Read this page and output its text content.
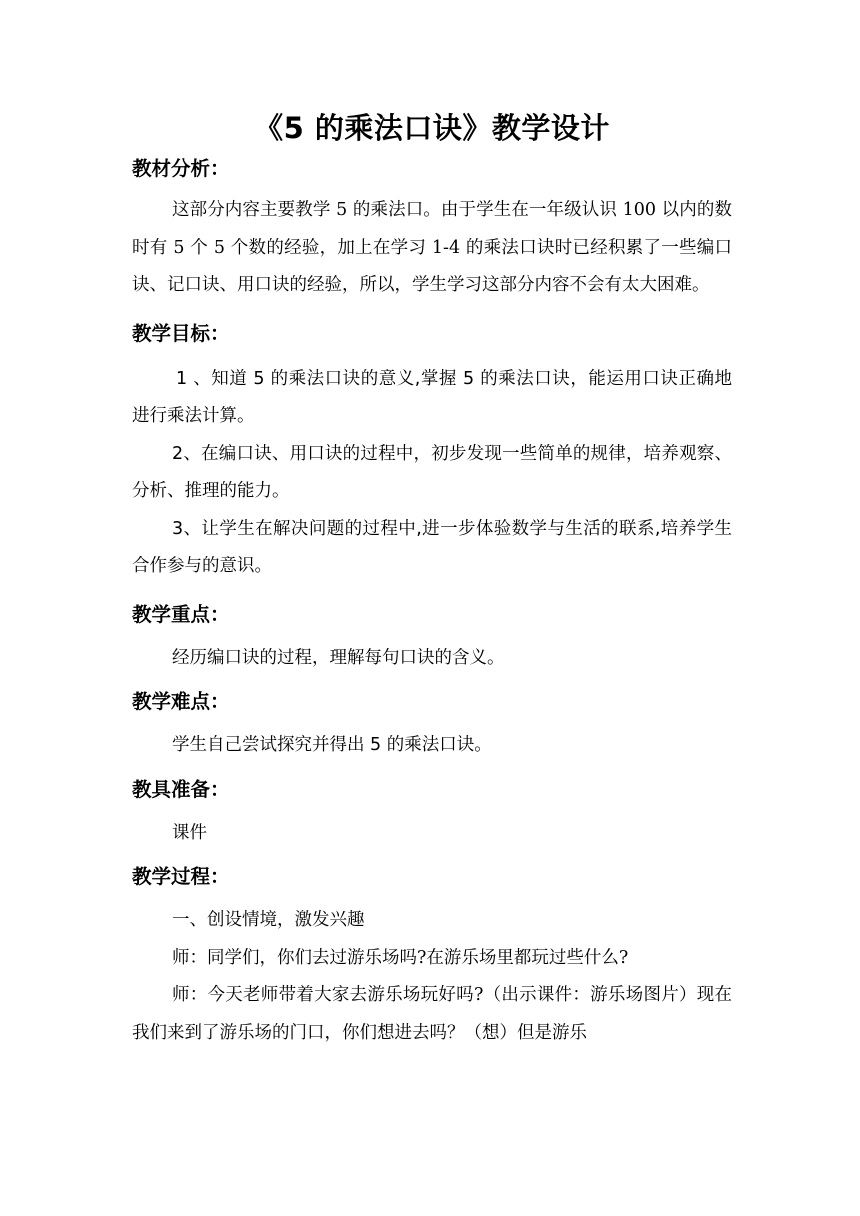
《5 的乘法口诀》教学设计
教材分析：

这部分内容主要教学 5 的乘法口。由于学生在一年级认识 100 以内的数时有 5 个 5 个数的经验，加上在学习 1-4 的乘法口诀时已经积累了一些编口诀、记口诀、用口诀的经验，所以，学生学习这部分内容不会有太大困难。

教学目标：

1 、知道 5 的乘法口诀的意义,掌握 5 的乘法口诀，能运用口诀正确地进行乘法计算。

2、在编口诀、用口诀的过程中，初步发现一些简单的规律，培养观察、分析、推理的能力。

3、让学生在解决问题的过程中,进一步体验数学与生活的联系,培养学生合作参与的意识。

教学重点：

经历编口诀的过程，理解每句口诀的含义。

教学难点：

学生自己尝试探究并得出 5 的乘法口诀。

教具准备：

课件

教学过程：

一、创设情境，激发兴趣

师：同学们，你们去过游乐场吗?在游乐场里都玩过些什么?

师：今天老师带着大家去游乐场玩好吗?（出示课件：游乐场图片）现在我们来到了游乐场的门口，你们想进去吗？（想）但是游乐
